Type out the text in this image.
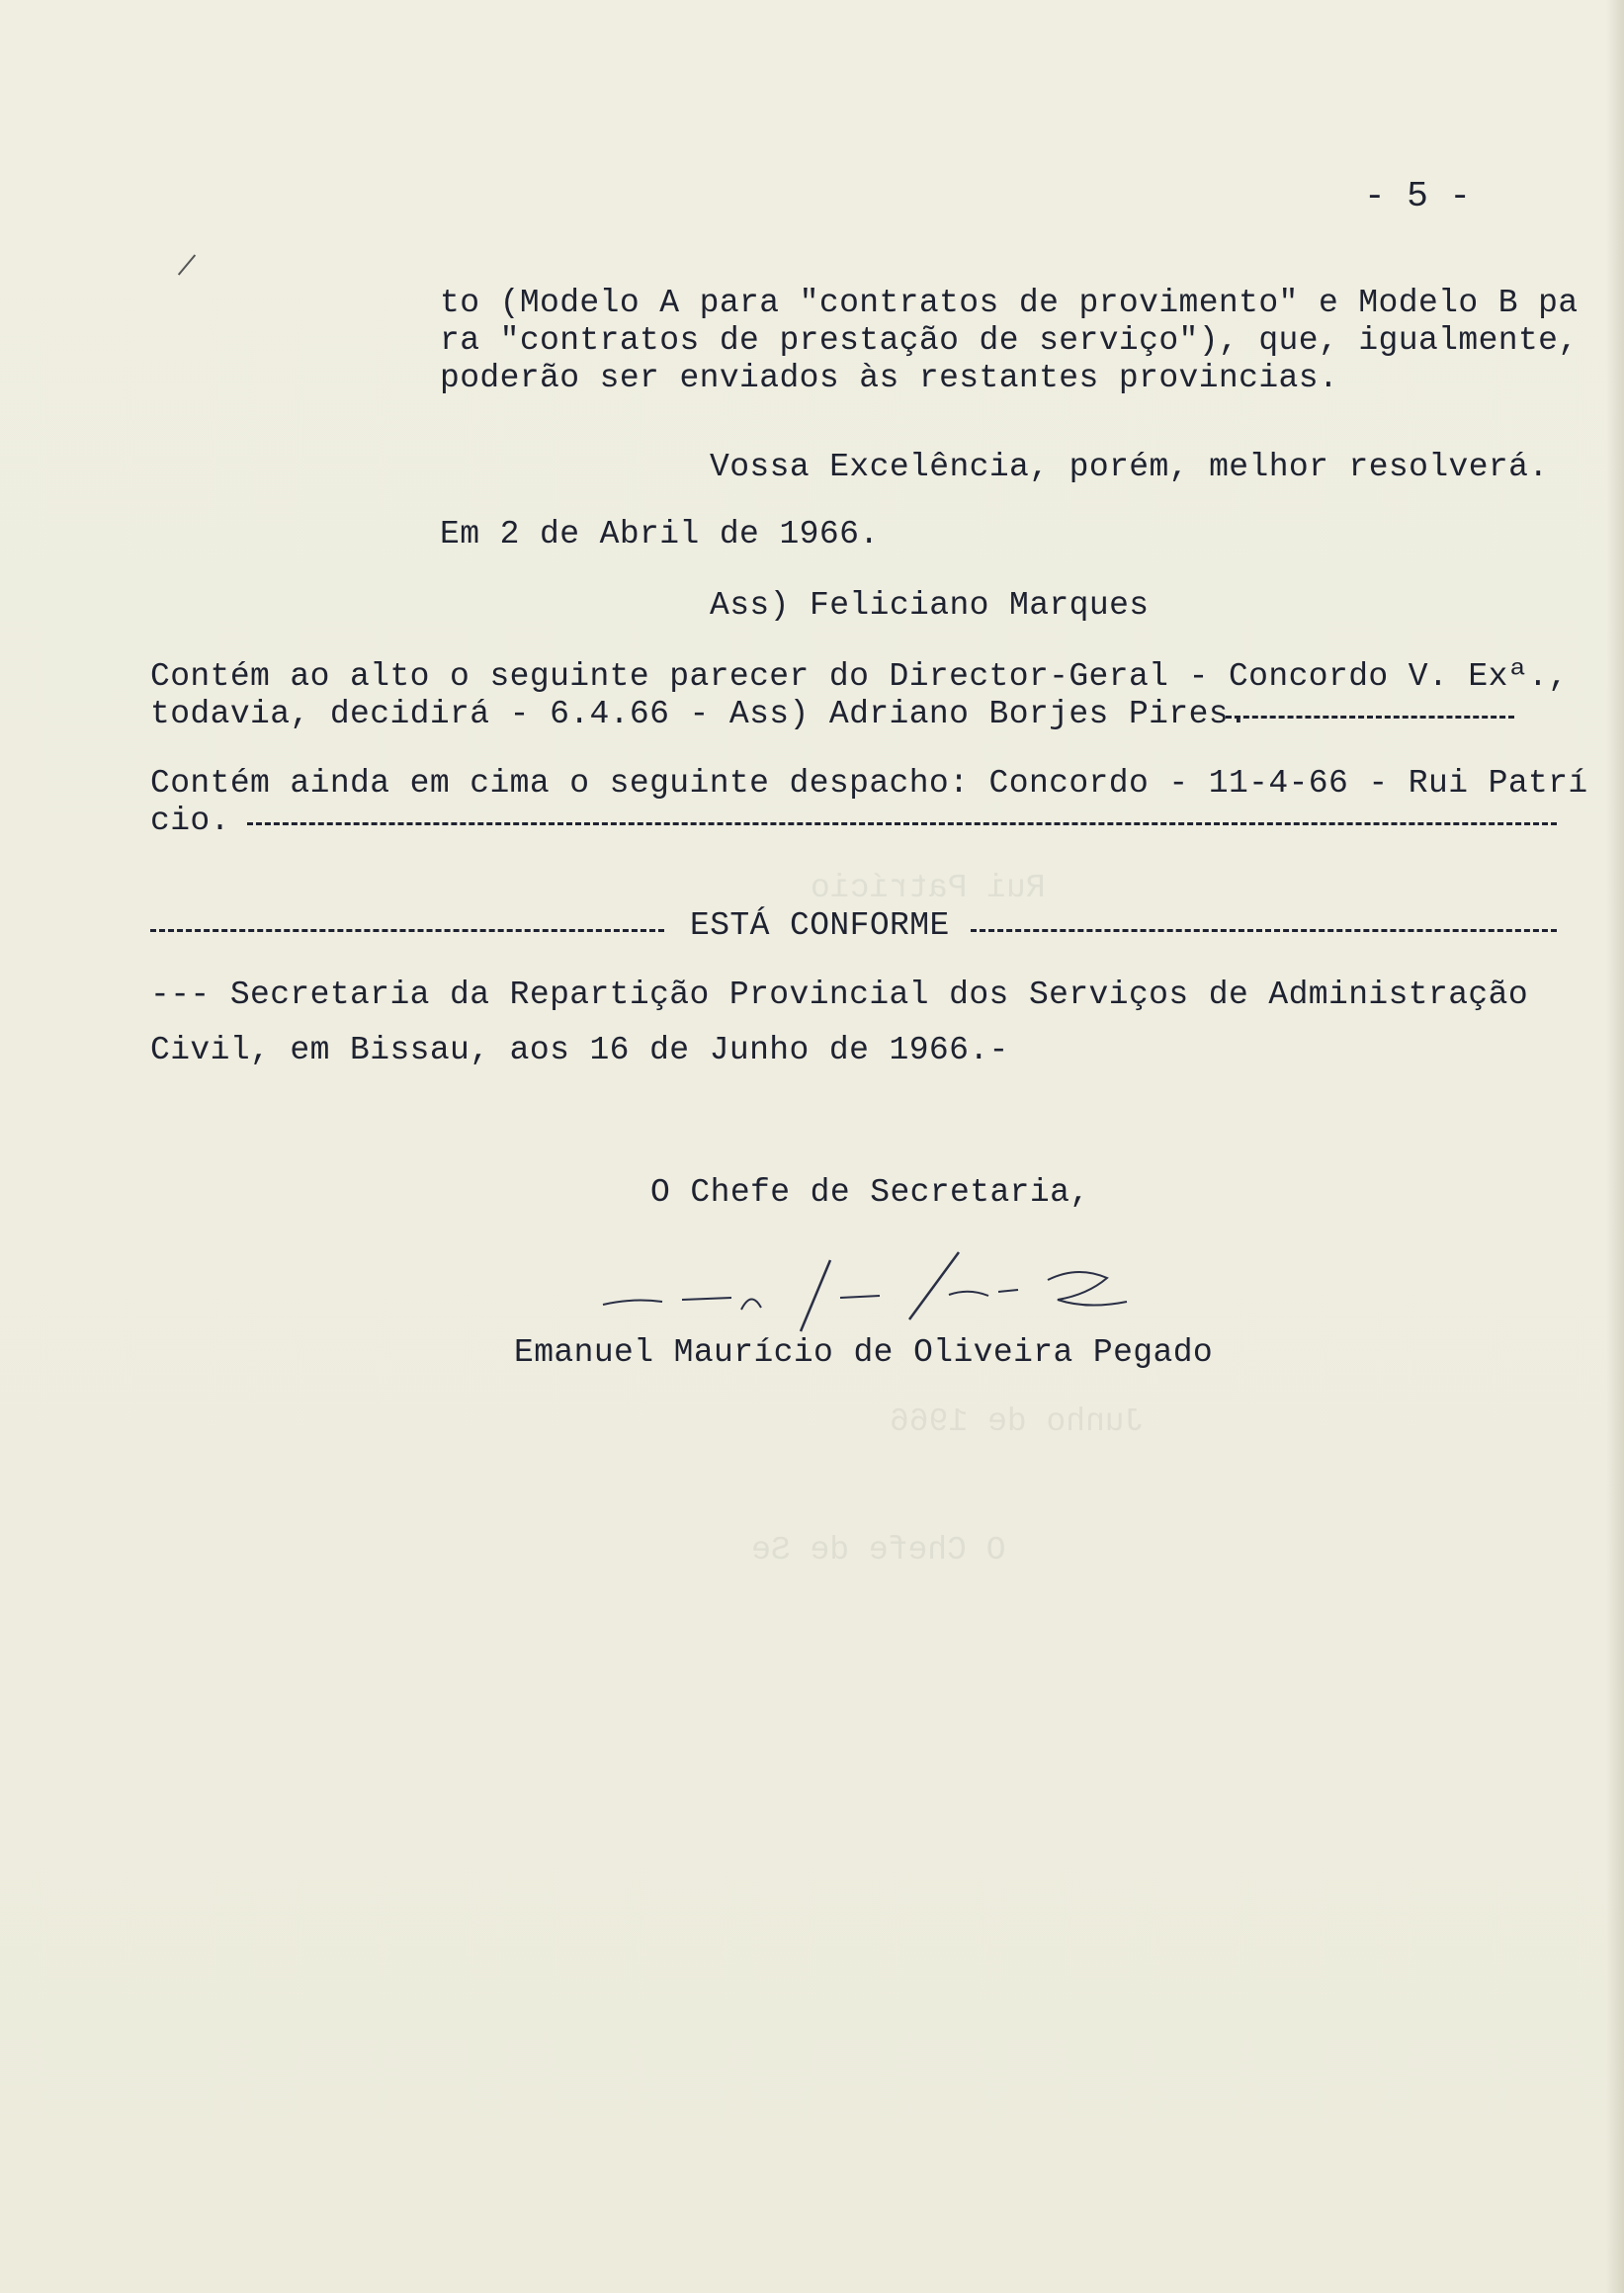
- 5 -
to (Modelo A para "contratos de provimento" e Modelo B pa
ra "contratos de prestação de serviço"), que, igualmente,
poderão ser enviados às restantes provincias.
Vossa Excelência, porém, melhor resolverá.
Em 2 de Abril de 1966.
Ass) Feliciano Marques
Contém ao alto o seguinte parecer do Director-Geral - Concordo V. Exª.,
todavia, decidirá - 6.4.66 - Ass) Adriano Borjes Pires.
Contém ainda em cima o seguinte despacho: Concordo - 11-4-66 - Rui Patrí
cio.
ESTÁ CONFORME
--- Secretaria da Repartição Provincial dos Serviços de Administração
Civil, em Bissau, aos 16 de Junho de 1966.-
O Chefe de Secretaria,
Emanuel Maurício de Oliveira Pegado
Rui Patrício
Junho de 1966
O Chefe de Se
